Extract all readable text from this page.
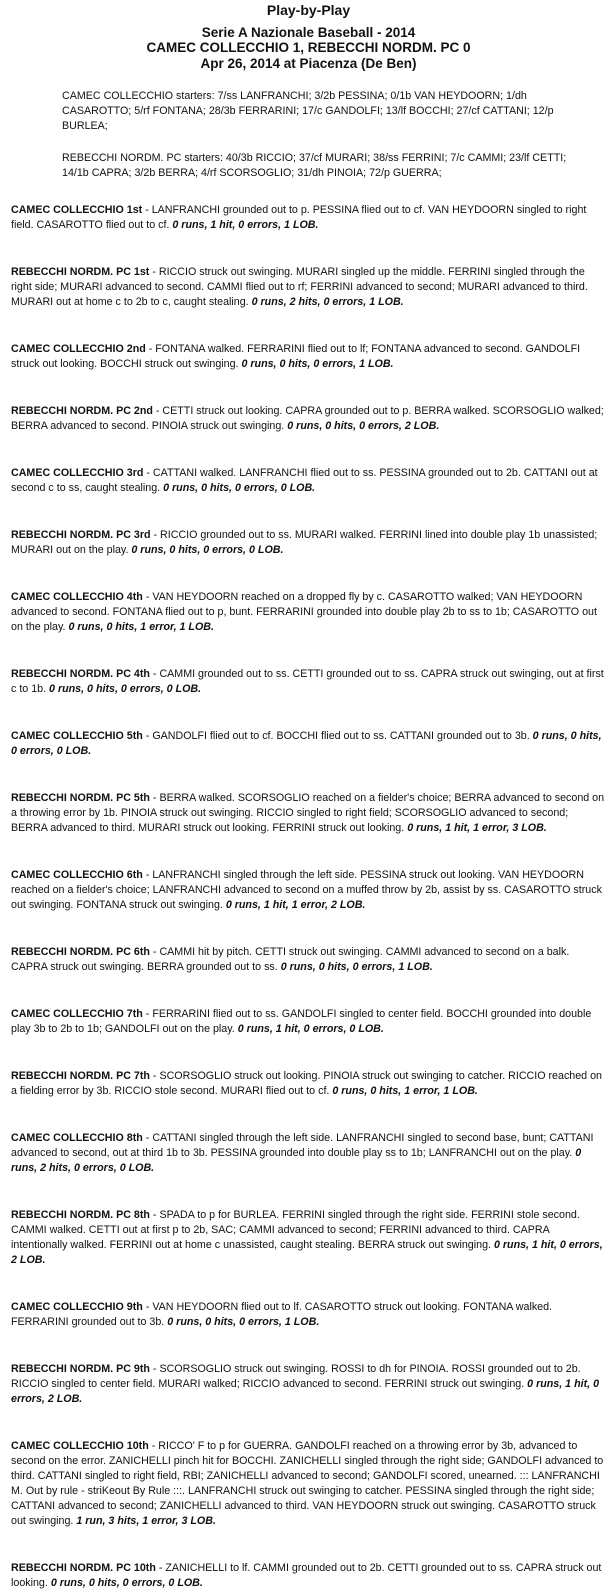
Play-by-Play
Serie A Nazionale Baseball - 2014
CAMEC COLLECCHIO 1, REBECCHI NORDM. PC 0
Apr 26, 2014 at Piacenza (De Ben)
CAMEC COLLECCHIO starters: 7/ss LANFRANCHI; 3/2b PESSINA; 0/1b VAN HEYDOORN; 1/dh CASAROTTO; 5/rf FONTANA; 28/3b FERRARINI; 17/c GANDOLFI; 13/lf BOCCHI; 27/cf CATTANI; 12/p BURLEA;
REBECCHI NORDM. PC starters: 40/3b RICCIO; 37/cf MURARI; 38/ss FERRINI; 7/c CAMMI; 23/lf CETTI; 14/1b CAPRA; 3/2b BERRA; 4/rf SCORSOGLIO; 31/dh PINOIA; 72/p GUERRA;
CAMEC COLLECCHIO 1st - LANFRANCHI grounded out to p. PESSINA flied out to cf. VAN HEYDOORN singled to right field. CASAROTTO flied out to cf. 0 runs, 1 hit, 0 errors, 1 LOB.
REBECCHI NORDM. PC 1st - RICCIO struck out swinging. MURARI singled up the middle. FERRINI singled through the right side; MURARI advanced to second. CAMMI flied out to rf; FERRINI advanced to second; MURARI advanced to third. MURARI out at home c to 2b to c, caught stealing. 0 runs, 2 hits, 0 errors, 1 LOB.
CAMEC COLLECCHIO 2nd - FONTANA walked. FERRARINI flied out to lf; FONTANA advanced to second. GANDOLFI struck out looking. BOCCHI struck out swinging. 0 runs, 0 hits, 0 errors, 1 LOB.
REBECCHI NORDM. PC 2nd - CETTI struck out looking. CAPRA grounded out to p. BERRA walked. SCORSOGLIO walked; BERRA advanced to second. PINOIA struck out swinging. 0 runs, 0 hits, 0 errors, 2 LOB.
CAMEC COLLECCHIO 3rd - CATTANI walked. LANFRANCHI flied out to ss. PESSINA grounded out to 2b. CATTANI out at second c to ss, caught stealing. 0 runs, 0 hits, 0 errors, 0 LOB.
REBECCHI NORDM. PC 3rd - RICCIO grounded out to ss. MURARI walked. FERRINI lined into double play 1b unassisted; MURARI out on the play. 0 runs, 0 hits, 0 errors, 0 LOB.
CAMEC COLLECCHIO 4th - VAN HEYDOORN reached on a dropped fly by c. CASAROTTO walked; VAN HEYDOORN advanced to second. FONTANA flied out to p, bunt. FERRARINI grounded into double play 2b to ss to 1b; CASAROTTO out on the play. 0 runs, 0 hits, 1 error, 1 LOB.
REBECCHI NORDM. PC 4th - CAMMI grounded out to ss. CETTI grounded out to ss. CAPRA struck out swinging, out at first c to 1b. 0 runs, 0 hits, 0 errors, 0 LOB.
CAMEC COLLECCHIO 5th - GANDOLFI flied out to cf. BOCCHI flied out to ss. CATTANI grounded out to 3b. 0 runs, 0 hits, 0 errors, 0 LOB.
REBECCHI NORDM. PC 5th - BERRA walked. SCORSOGLIO reached on a fielder's choice; BERRA advanced to second on a throwing error by 1b. PINOIA struck out swinging. RICCIO singled to right field; SCORSOGLIO advanced to second; BERRA advanced to third. MURARI struck out looking. FERRINI struck out looking. 0 runs, 1 hit, 1 error, 3 LOB.
CAMEC COLLECCHIO 6th - LANFRANCHI singled through the left side. PESSINA struck out looking. VAN HEYDOORN reached on a fielder's choice; LANFRANCHI advanced to second on a muffed throw by 2b, assist by ss. CASAROTTO struck out swinging. FONTANA struck out swinging. 0 runs, 1 hit, 1 error, 2 LOB.
REBECCHI NORDM. PC 6th - CAMMI hit by pitch. CETTI struck out swinging. CAMMI advanced to second on a balk. CAPRA struck out swinging. BERRA grounded out to ss. 0 runs, 0 hits, 0 errors, 1 LOB.
CAMEC COLLECCHIO 7th - FERRARINI flied out to ss. GANDOLFI singled to center field. BOCCHI grounded into double play 3b to 2b to 1b; GANDOLFI out on the play. 0 runs, 1 hit, 0 errors, 0 LOB.
REBECCHI NORDM. PC 7th - SCORSOGLIO struck out looking. PINOIA struck out swinging to catcher. RICCIO reached on a fielding error by 3b. RICCIO stole second. MURARI flied out to cf. 0 runs, 0 hits, 1 error, 1 LOB.
CAMEC COLLECCHIO 8th - CATTANI singled through the left side. LANFRANCHI singled to second base, bunt; CATTANI advanced to second, out at third 1b to 3b. PESSINA grounded into double play ss to 1b; LANFRANCHI out on the play. 0 runs, 2 hits, 0 errors, 0 LOB.
REBECCHI NORDM. PC 8th - SPADA to p for BURLEA. FERRINI singled through the right side. FERRINI stole second. CAMMI walked. CETTI out at first p to 2b, SAC; CAMMI advanced to second; FERRINI advanced to third. CAPRA intentionally walked. FERRINI out at home c unassisted, caught stealing. BERRA struck out swinging. 0 runs, 1 hit, 0 errors, 2 LOB.
CAMEC COLLECCHIO 9th - VAN HEYDOORN flied out to lf. CASAROTTO struck out looking. FONTANA walked. FERRARINI grounded out to 3b. 0 runs, 0 hits, 0 errors, 1 LOB.
REBECCHI NORDM. PC 9th - SCORSOGLIO struck out swinging. ROSSI to dh for PINOIA. ROSSI grounded out to 2b. RICCIO singled to center field. MURARI walked; RICCIO advanced to second. FERRINI struck out swinging. 0 runs, 1 hit, 0 errors, 2 LOB.
CAMEC COLLECCHIO 10th - RICCO' F to p for GUERRA. GANDOLFI reached on a throwing error by 3b, advanced to second on the error. ZANICHELLI pinch hit for BOCCHI. ZANICHELLI singled through the right side; GANDOLFI advanced to third. CATTANI singled to right field, RBI; ZANICHELLI advanced to second; GANDOLFI scored, unearned. ::: LANFRANCHI M. Out by rule - striKeout By Rule :::. LANFRANCHI struck out swinging to catcher. PESSINA singled through the right side; CATTANI advanced to second; ZANICHELLI advanced to third. VAN HEYDOORN struck out swinging. CASAROTTO struck out swinging. 1 run, 3 hits, 1 error, 3 LOB.
REBECCHI NORDM. PC 10th - ZANICHELLI to lf. CAMMI grounded out to 2b. CETTI grounded out to ss. CAPRA struck out looking. 0 runs, 0 hits, 0 errors, 0 LOB.
